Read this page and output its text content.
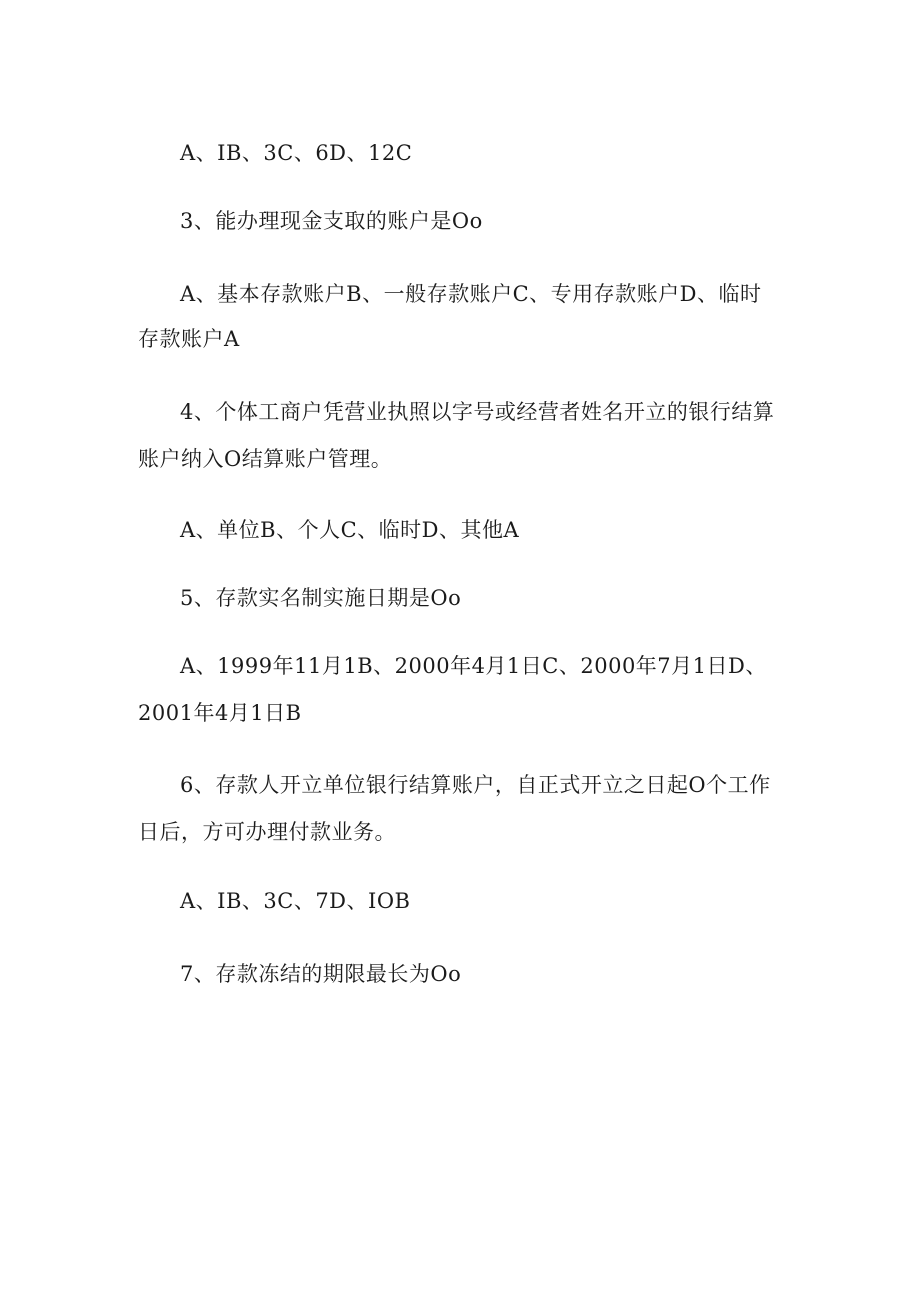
A、IB、3C、6D、12C
3、能办理现金支取的账户是Oo
A、基本存款账户B、一般存款账户C、专用存款账户D、临时
存款账户A
4、个体工商户凭营业执照以字号或经营者姓名开立的银行结算
账户纳入O结算账户管理。
A、单位B、个人C、临时D、其他A
5、存款实名制实施日期是Oo
A、1999年11月1B、2000年4月1日C、2000年7月1日D、
2001年4月1日B
6、存款人开立单位银行结算账户，自正式开立之日起O个工作
日后，方可办理付款业务。
A、IB、3C、7D、IOB
7、存款冻结的期限最长为Oo
